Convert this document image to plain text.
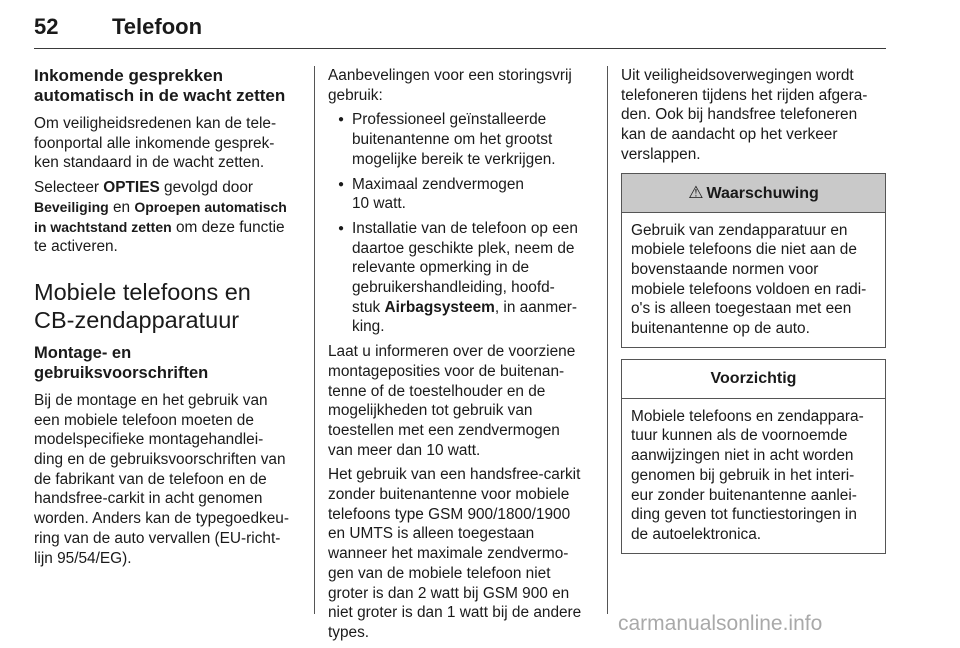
52 Telefoon
Inkomende gesprekken
automatisch in de wacht zetten

Om veiligheidsredenen kan de tele-
foonportal alle inkomende gesprek-
ken standaard in de wacht zetten.

Selecteer OPTIES gevolgd door
Beveiliging en Oproepen automatisch
in wachtstand zetten om deze functie
te activeren.

Mobiele telefoons en
CB-zendapparatuur
Montage- en
gebruiksvoorschriften

Bij de montage en het gebruik van
een mobiele telefoon moeten de
modelspecifieke montagehandlei-
ding en de gebruiksvoorschriften van
de fabrikant van de telefoon en de
handsfree-carkit in acht genomen
worden. Anders kan de typegoedkeu-
ring van de auto vervallen (EU-richt-
lijn 95/54/EG).

Aanbevelingen voor een storingsvrij
gebruik:

● Professioneel geïnstalleerde
buitenantenne om het grootst
mogelijke bereik te verkrijgen.
● Maximaal zendvermogen
10 watt.
● Installatie van de telefoon op een
daartoe geschikte plek, neem de
relevante opmerking in de
gebruikershandleiding, hoofd-
stuk Airbagsysteem, in aanmer-
king.

Laat u informeren over de voorziene
montageposities voor de buitenan-
tenne of de toestelhouder en de
mogelijkheden tot gebruik van
toestellen met een zendvermogen
van meer dan 10 watt.

Het gebruik van een handsfree-carkit
zonder buitenantenne voor mobiele
telefoons type GSM 900/1800/1900
en UMTS is alleen toegestaan
wanneer het maximale zendvermo-
gen van de mobiele telefoon niet
groter is dan 2 watt bij GSM 900 en
niet groter is dan 1 watt bij de andere
types.

Uit veiligheidsoverwegingen wordt
telefoneren tijdens het rijden afgera-
den. Ook bij handsfree telefoneren
kan de aandacht op het verkeer
verslappen.

⚠ Waarschuwing
Gebruik van zendapparatuur en
mobiele telefoons die niet aan de
bovenstaande normen voor
mobiele telefoons voldoen en radi-
o's is alleen toegestaan met een
buitenantenne op de auto.
Voorzichtig
Mobiele telefoons en zendappara-
tuur kunnen als de voornoemde
aanwijzingen niet in acht worden
genomen bij gebruik in het interi-
eur zonder buitenantenne aanlei-
ding geven tot functiestoringen in
de autoelektronica.
carmanualsonline.info
